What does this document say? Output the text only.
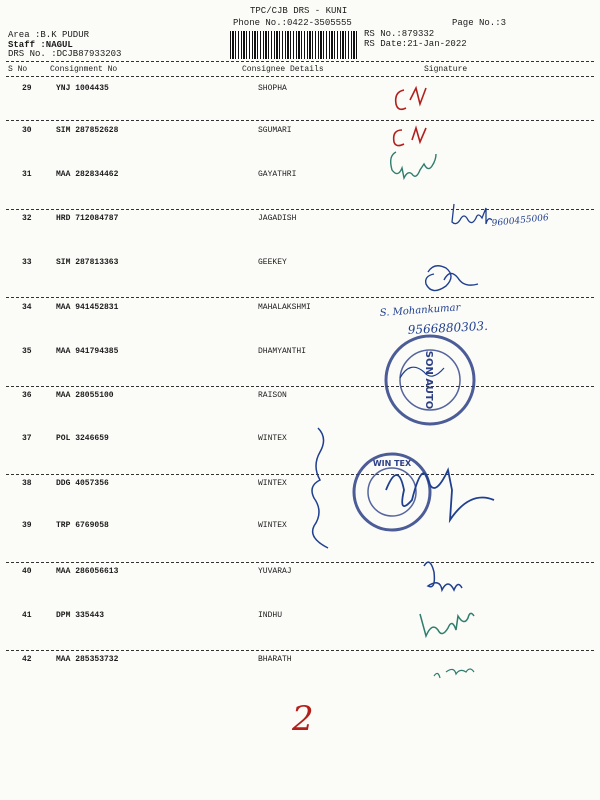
TPC/CJB DRS - KUNI
Phone No.:0422-3505555	Page No.:3
Area :B.K PUDUR
Staff :NAGUL
DRS No. :DCJB87933203
RS No.:879332
RS Date:21-Jan-2022
S No	Consignment No	Consignee Details	Signature
29	YNJ 1004435	SHOPHA
30	SIM 287852628	SGUMARI
31	MAA 282834462	GAYATHRI
32	HRD 712084787	JAGADISH
33	SIM 287813363	GEEKEY
34	MAA 941452831	MAHALAKSHMI
35	MAA 941794385	DHAMYANTHI
36	MAA 28055100	RAISON
37	POL 3246659	WINTEX
38	DDG 4057356	WINTEX
39	TRP 6769058	WINTEX
40	MAA 286056613	YUVARAJ
41	DPM 335443	INDHU
42	MAA 285353732	BHARATH
9600455006
S. Mohankumar
9566880303.
SON AUTO
WIN TEX
2
